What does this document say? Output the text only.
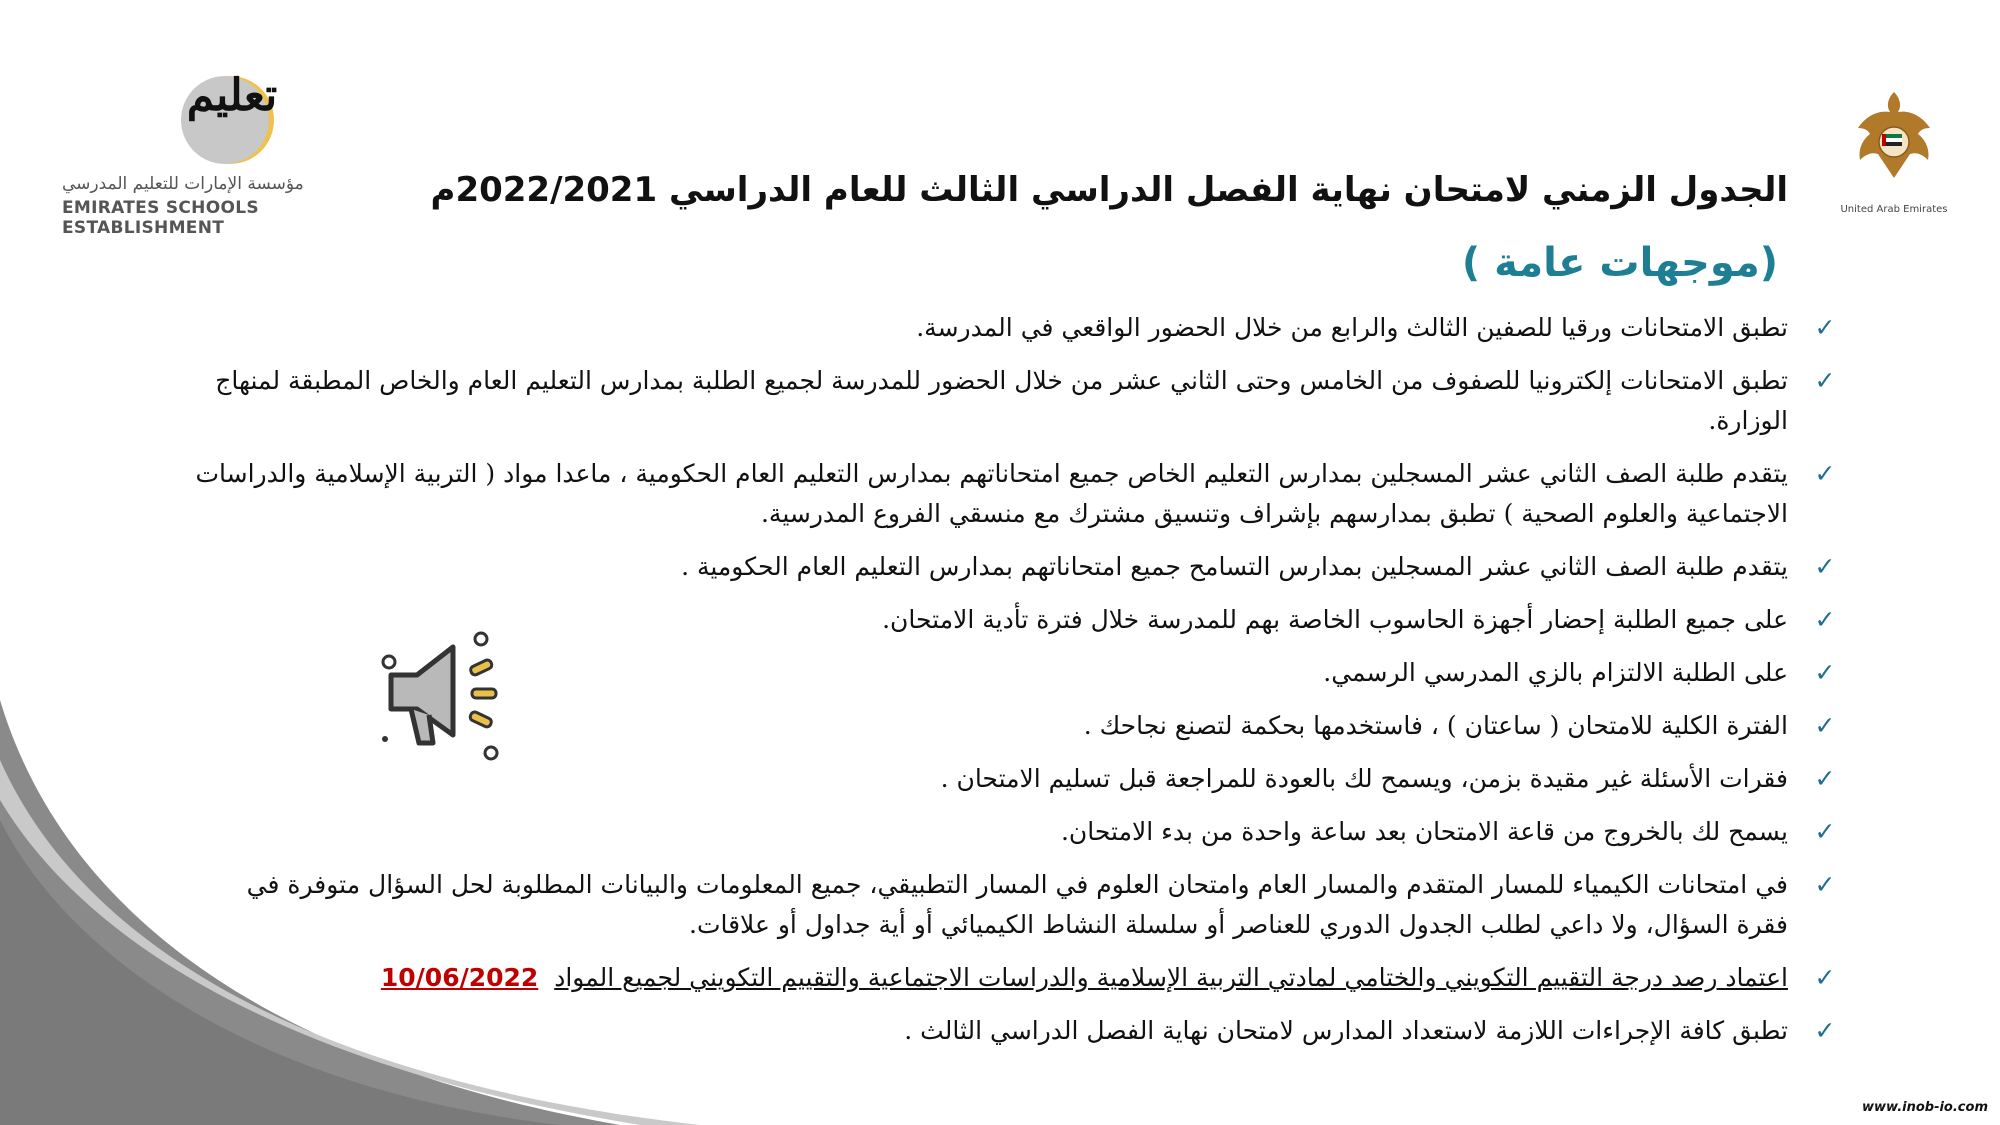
United Arab Emirates
تعليم
مؤسسة الإمارات للتعليم المدرسي
EMIRATES SCHOOLS ESTABLISHMENT
الجدول الزمني لامتحان نهاية الفصل الدراسي الثالث للعام الدراسي 2022/2021م
(موجهات عامة )
✓
تطبق الامتحانات ورقيا للصفين الثالث والرابع من خلال الحضور الواقعي في المدرسة.
✓
تطبق الامتحانات إلكترونيا للصفوف من الخامس وحتى الثاني عشر من خلال الحضور للمدرسة لجميع الطلبة بمدارس التعليم العام والخاص المطبقة لمنهاج الوزارة.
✓
يتقدم طلبة الصف الثاني عشر المسجلين بمدارس التعليم الخاص جميع امتحاناتهم بمدارس التعليم العام الحكومية ، ماعدا مواد ( التربية الإسلامية والدراسات الاجتماعية والعلوم الصحية ) تطبق بمدارسهم بإشراف وتنسيق مشترك مع منسقي الفروع المدرسية.
✓
يتقدم طلبة الصف الثاني عشر المسجلين بمدارس التسامح جميع امتحاناتهم بمدارس التعليم العام الحكومية .
✓
على جميع الطلبة إحضار أجهزة الحاسوب الخاصة بهم للمدرسة خلال فترة تأدية الامتحان.
✓
على الطلبة الالتزام بالزي المدرسي الرسمي.
✓
الفترة الكلية للامتحان ( ساعتان ) ، فاستخدمها بحكمة لتصنع نجاحك .
✓
فقرات الأسئلة غير مقيدة بزمن، ويسمح لك بالعودة للمراجعة قبل تسليم الامتحان .
✓
يسمح لك بالخروج من قاعة الامتحان بعد ساعة واحدة من بدء الامتحان.
✓
في امتحانات الكيمياء للمسار المتقدم والمسار العام وامتحان العلوم في المسار التطبيقي، جميع المعلومات والبيانات المطلوبة لحل السؤال متوفرة في فقرة السؤال، ولا داعي لطلب الجدول الدوري للعناصر أو سلسلة النشاط الكيميائي أو أية جداول أو علاقات.
✓
اعتماد رصد درجة التقييم التكويني والختامي لمادتي التربية الإسلامية والدراسات الاجتماعية والتقييم التكويني لجميع المواد  10/06/2022
✓
تطبق كافة الإجراءات اللازمة لاستعداد المدارس لامتحان نهاية الفصل الدراسي الثالث .
www.inob-io.com
